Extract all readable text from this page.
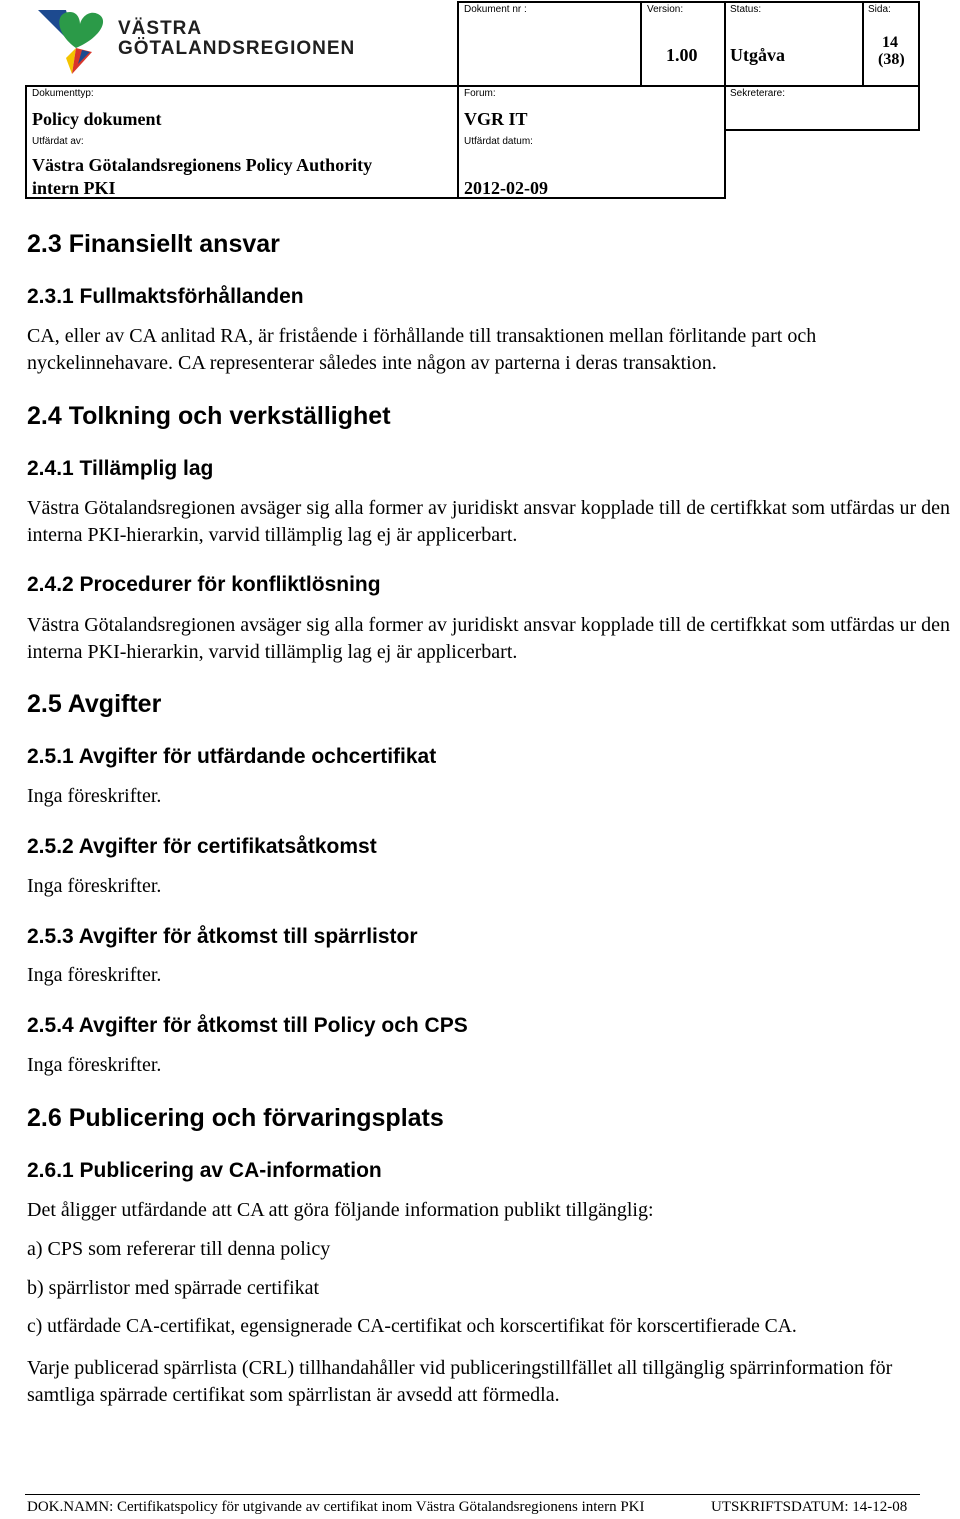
VÄSTRA
GÖTALANDSREGIONEN
Dokument nr :	Version:
1.00
Status:
Utgåva
Sida:
14
(38)
Dokumenttyp:
Policy dokument
Forum:
VGR IT
Sekreterare:
Utfärdat av:
Västra Götalandsregionens Policy Authority
intern PKI
Utfärdat datum:
2012-02-09
2.3 Finansiellt ansvar
2.3.1 Fullmaktsförhållanden
CA, eller av CA anlitad RA, är fristående i förhållande till transaktionen mellan förlitande part och nyckelinnehavare. CA representerar således inte någon av parterna i deras transaktion.
2.4 Tolkning och verkställighet
2.4.1 Tillämplig lag
Västra Götalandsregionen avsäger sig alla former av juridiskt ansvar kopplade till de certifkkat som utfärdas ur den interna PKI-hierarkin, varvid tillämplig lag ej är applicerbart.
2.4.2 Procedurer för konfliktlösning
Västra Götalandsregionen avsäger sig alla former av juridiskt ansvar kopplade till de certifkkat som utfärdas ur den interna PKI-hierarkin, varvid tillämplig lag ej är applicerbart.
2.5 Avgifter
2.5.1 Avgifter för utfärdande ochcertifikat
Inga föreskrifter.
2.5.2 Avgifter för certifikatsåtkomst
Inga föreskrifter.
2.5.3 Avgifter för åtkomst till spärrlistor
Inga föreskrifter.
2.5.4 Avgifter för åtkomst till Policy och CPS
Inga föreskrifter.
2.6 Publicering och förvaringsplats
2.6.1 Publicering av CA-information
Det åligger utfärdande att CA att göra följande information publikt tillgänglig:
a) CPS som refererar till denna policy
b) spärrlistor med spärrade certifikat
c) utfärdade CA-certifikat, egensignerade CA-certifikat och korscertifikat för korscertifierade CA.
Varje publicerad spärrlista (CRL) tillhandahåller vid publiceringstillfället all tillgänglig spärrinformation för samtliga spärrade certifikat som spärrlistan är avsedd att förmedla.
DOK.NAMN: Certifikatspolicy för utgivande av certifikat inom Västra Götalandsregionens intern PKI	UTSKRIFTSDATUM: 14-12-08
